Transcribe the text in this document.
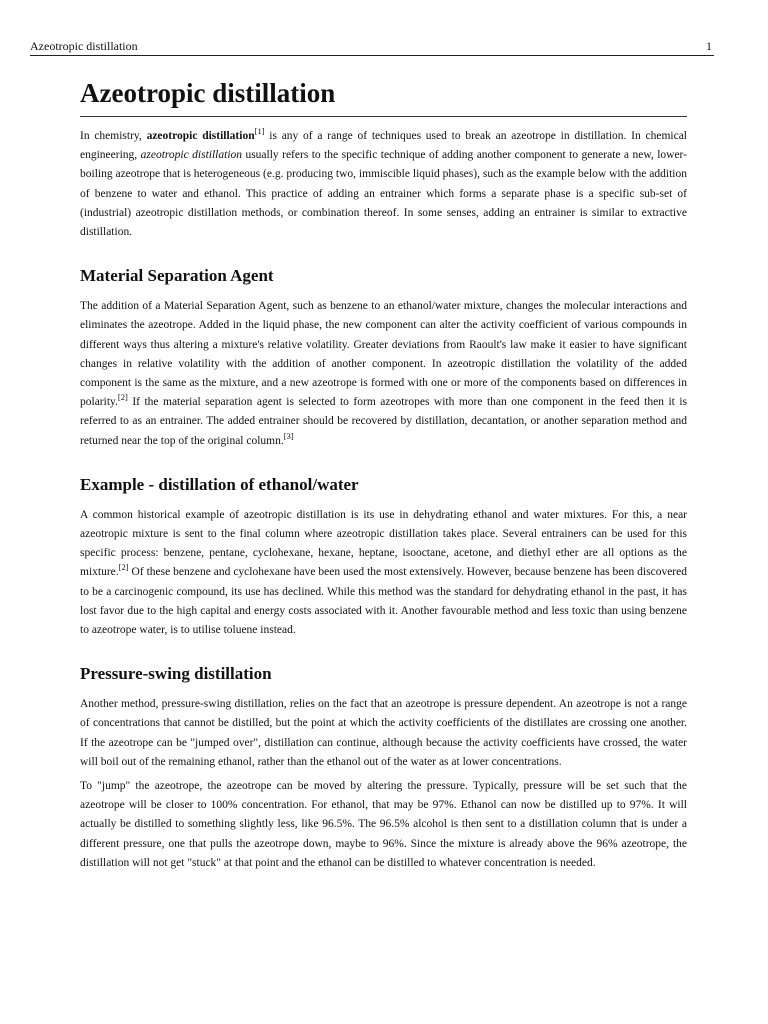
Azeotropic distillation	1
Azeotropic distillation

In chemistry, azeotropic distillation[1] is any of a range of techniques used to break an azeotrope in distillation. In chemical engineering, azeotropic distillation usually refers to the specific technique of adding another component to generate a new, lower-boiling azeotrope that is heterogeneous (e.g. producing two, immiscible liquid phases), such as the example below with the addition of benzene to water and ethanol. This practice of adding an entrainer which forms a separate phase is a specific sub-set of (industrial) azeotropic distillation methods, or combination thereof. In some senses, adding an entrainer is similar to extractive distillation.

Material Separation Agent

The addition of a Material Separation Agent, such as benzene to an ethanol/water mixture, changes the molecular interactions and eliminates the azeotrope. Added in the liquid phase, the new component can alter the activity coefficient of various compounds in different ways thus altering a mixture's relative volatility. Greater deviations from Raoult's law make it easier to have significant changes in relative volatility with the addition of another component. In azeotropic distillation the volatility of the added component is the same as the mixture, and a new azeotrope is formed with one or more of the components based on differences in polarity.[2] If the material separation agent is selected to form azeotropes with more than one component in the feed then it is referred to as an entrainer. The added entrainer should be recovered by distillation, decantation, or another separation method and returned near the top of the original column.[3]

Example - distillation of ethanol/water

A common historical example of azeotropic distillation is its use in dehydrating ethanol and water mixtures. For this, a near azeotropic mixture is sent to the final column where azeotropic distillation takes place. Several entrainers can be used for this specific process: benzene, pentane, cyclohexane, hexane, heptane, isooctane, acetone, and diethyl ether are all options as the mixture.[2] Of these benzene and cyclohexane have been used the most extensively. However, because benzene has been discovered to be a carcinogenic compound, its use has declined. While this method was the standard for dehydrating ethanol in the past, it has lost favor due to the high capital and energy costs associated with it. Another favourable method and less toxic than using benzene to azeotrope water, is to utilise toluene instead.

Pressure-swing distillation

Another method, pressure-swing distillation, relies on the fact that an azeotrope is pressure dependent. An azeotrope is not a range of concentrations that cannot be distilled, but the point at which the activity coefficients of the distillates are crossing one another. If the azeotrope can be "jumped over", distillation can continue, although because the activity coefficients have crossed, the water will boil out of the remaining ethanol, rather than the ethanol out of the water as at lower concentrations.

To "jump" the azeotrope, the azeotrope can be moved by altering the pressure. Typically, pressure will be set such that the azeotrope will be closer to 100% concentration. For ethanol, that may be 97%. Ethanol can now be distilled up to 97%. It will actually be distilled to something slightly less, like 96.5%. The 96.5% alcohol is then sent to a distillation column that is under a different pressure, one that pulls the azeotrope down, maybe to 96%. Since the mixture is already above the 96% azeotrope, the distillation will not get "stuck" at that point and the ethanol can be distilled to whatever concentration is needed.
